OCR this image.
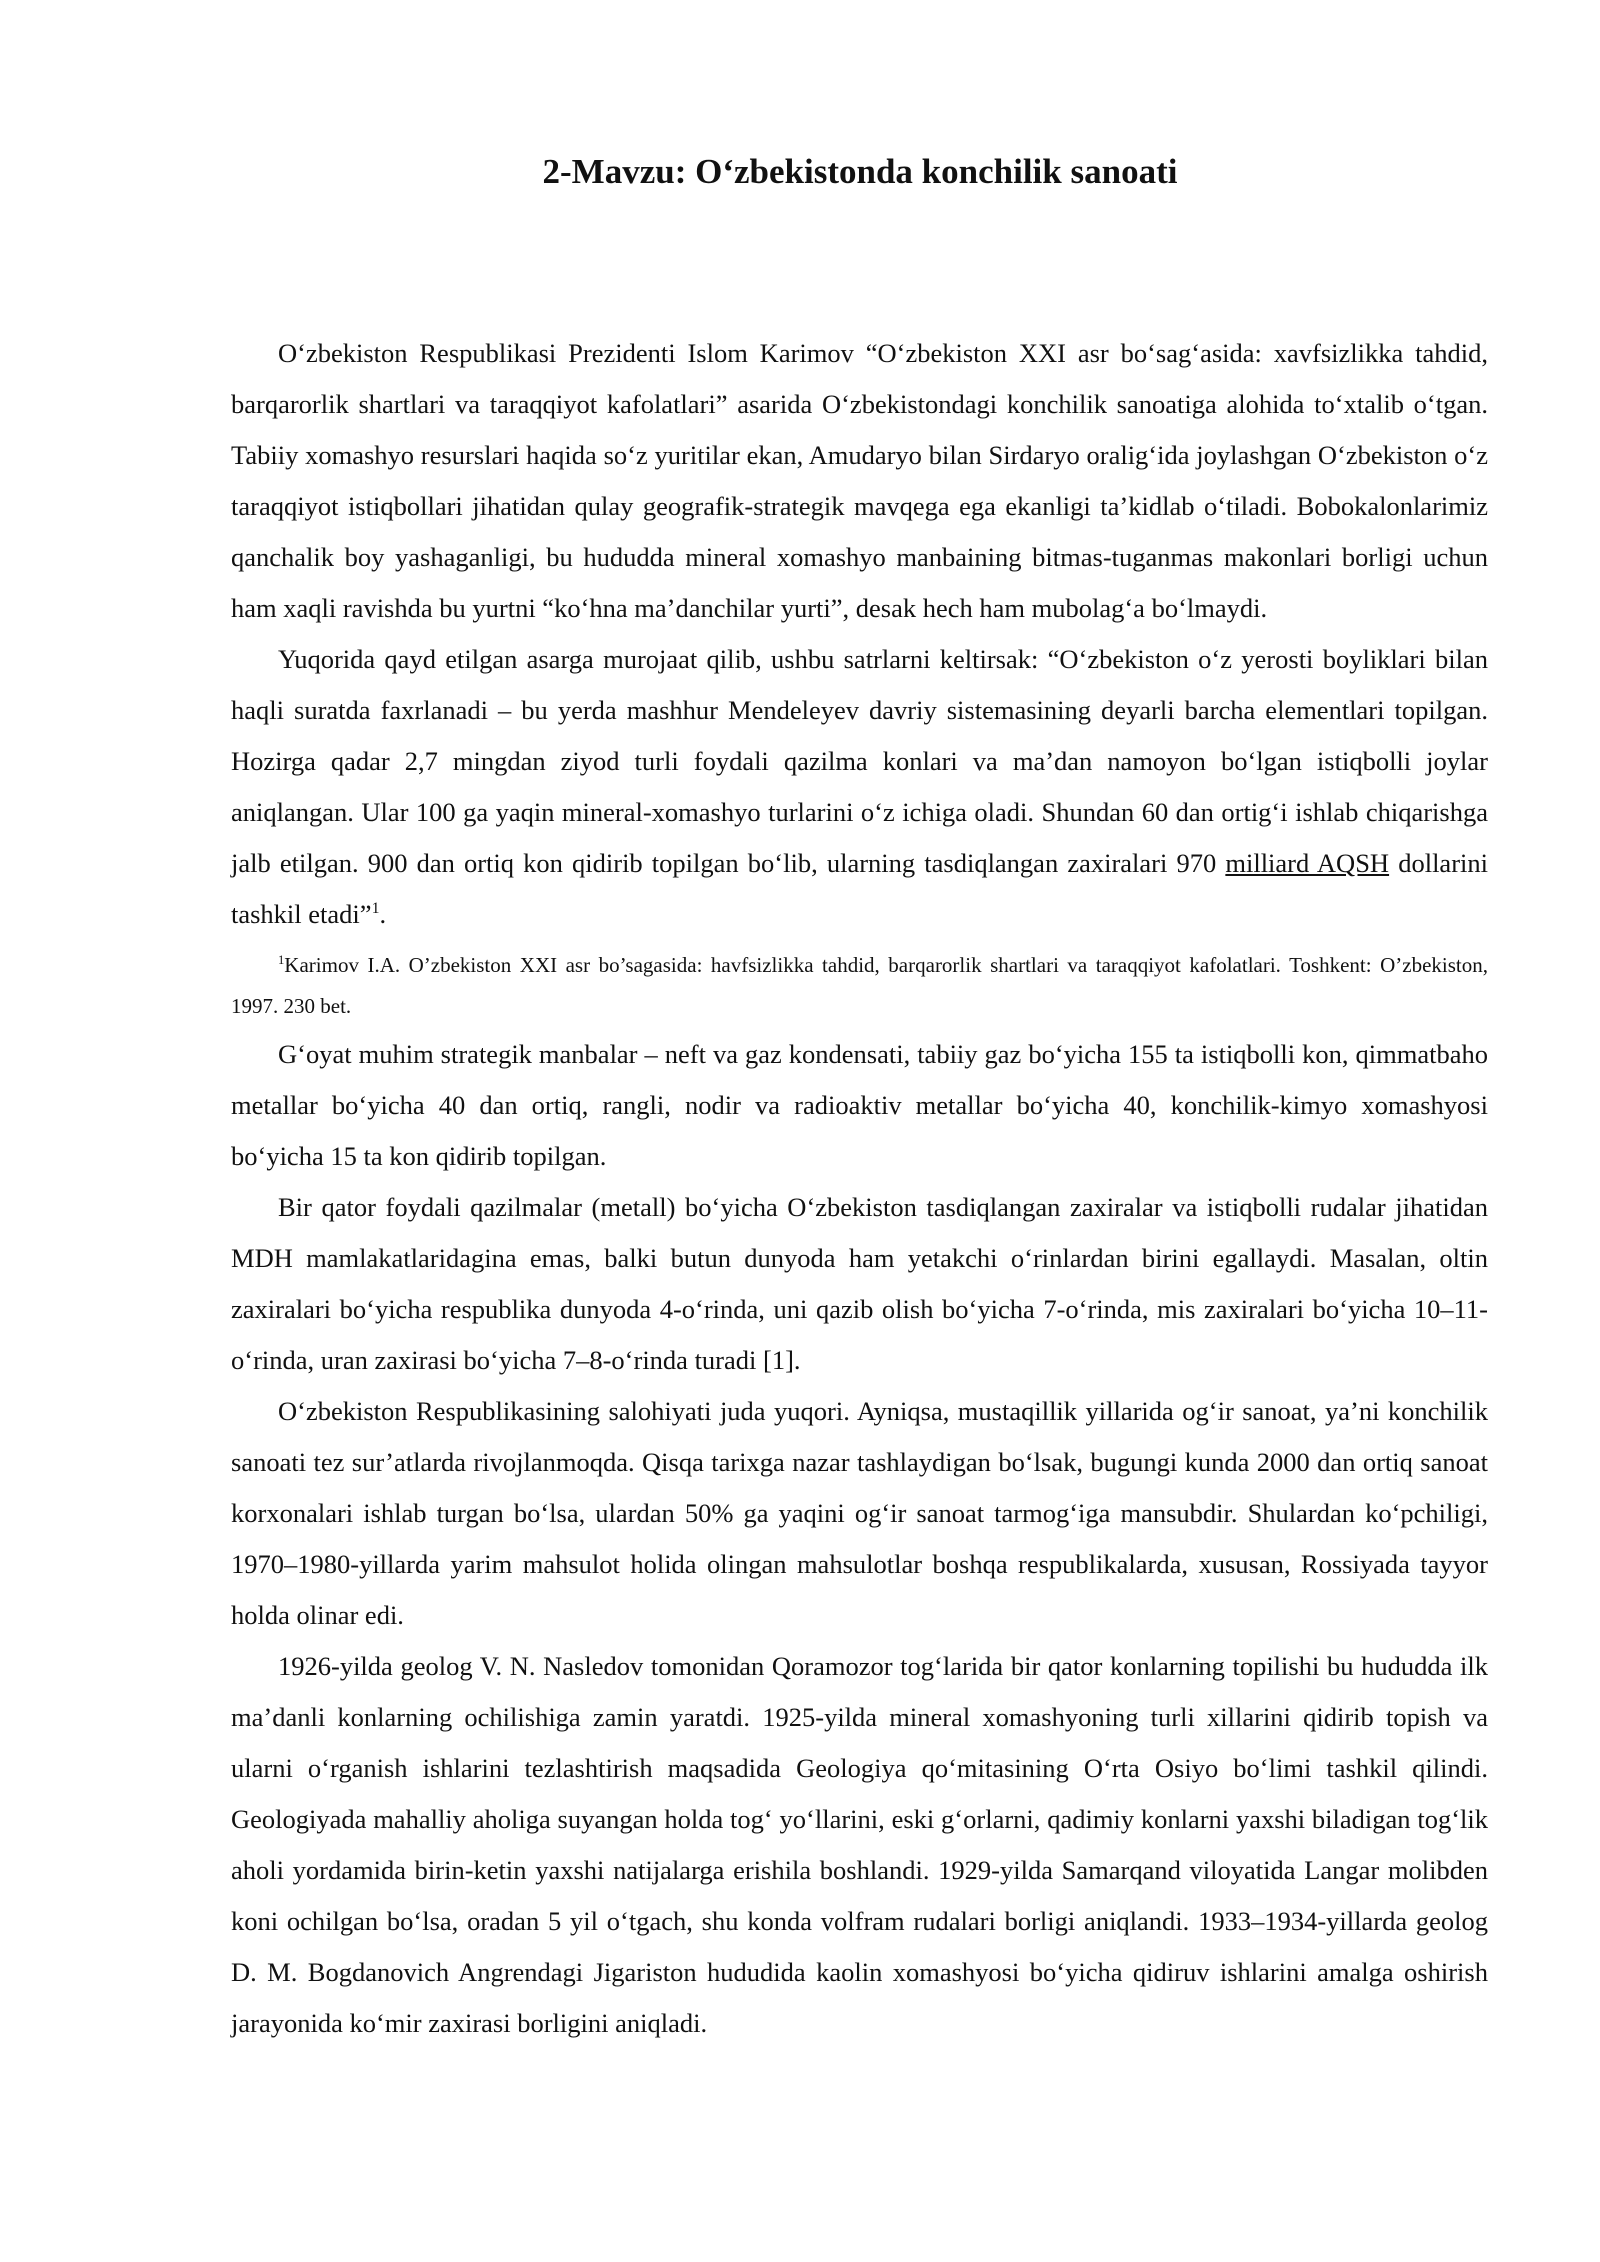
2-Mavzu: O‘zbekistonda konchilik sanoati

O‘zbekiston Respublikasi Prezidenti Islom Karimov “O‘zbekiston XXI asr bo‘sag‘asida: xavfsizlikka tahdid, barqarorlik shartlari va taraqqiyot kafolatlari” asarida O‘zbekistondagi konchilik sanoatiga alohida to‘xtalib o‘tgan. Tabiiy xomashyo resurslari haqida so‘z yuritilar ekan, Amudaryo bilan Sirdaryo oralig‘ida joylashgan O‘zbekiston o‘z taraqqiyot istiqbollari jihatidan qulay geografik-strategik mavqega ega ekanligi ta’kidlab o‘tiladi. Bobokalonlarimiz qanchalik boy yashaganligi, bu hududda mineral xomashyo manbaining bitmas-tuganmas makonlari borligi uchun ham xaqli ravishda bu yurtni “ko‘hna ma’danchilar yurti”, desak hech ham mubolag‘a bo‘lmaydi.

Yuqorida qayd etilgan asarga murojaat qilib, ushbu satrlarni keltirsak: “O‘zbekiston o‘z yerosti boyliklari bilan haqli suratda faxrlanadi – bu yerda mashhur Mendeleyev davriy sistemasining deyarli barcha elementlari topilgan. Hozirga qadar 2,7 mingdan ziyod turli foydali qazilma konlari va ma’dan namoyon bo‘lgan istiqbolli joylar aniqlangan. Ular 100 ga yaqin mineral-xomashyo turlarini o‘z ichiga oladi. Shundan 60 dan ortig‘i ishlab chiqarishga jalb etilgan. 900 dan ortiq kon qidirib topilgan bo‘lib, ularning tasdiqlangan zaxiralari 970 milliard AQSH dollarini tashkil etadi”$^1$.

$^1$Karimov I.A. O’zbekiston XXI asr bo’sagasida: havfsizlikka tahdid, barqarorlik shartlari va taraqqiyot kafolatlari. Toshkent: O’zbekiston, 1997. 230 bet.

G‘oyat muhim strategik manbalar – neft va gaz kondensati, tabiiy gaz bo‘yicha 155 ta istiqbolli kon, qimmatbaho metallar bo‘yicha 40 dan ortiq, rangli, nodir va radioaktiv metallar bo‘yicha 40, konchilik-kimyo xomashyosi bo‘yicha 15 ta kon qidirib topilgan.

Bir qator foydali qazilmalar (metall) bo‘yicha O‘zbekiston tasdiqlangan zaxiralar va istiqbolli rudalar jihatidan MDH mamlakatlaridagina emas, balki butun dunyoda ham yetakchi o‘rinlardan birini egallaydi. Masalan, oltin zaxiralari bo‘yicha respublika dunyoda 4-o‘rinda, uni qazib olish bo‘yicha 7-o‘rinda, mis zaxiralari bo‘yicha 10–11-o‘rinda, uran zaxirasi bo‘yicha 7–8-o‘rinda turadi [1].

O‘zbekiston Respublikasining salohiyati juda yuqori. Ayniqsa, mustaqillik yillarida og‘ir sanoat, ya’ni konchilik sanoati tez sur’atlarda rivojlanmoqda. Qisqa tarixga nazar tashlaydigan bo‘lsak, bugungi kunda 2000 dan ortiq sanoat korxonalari ishlab turgan bo‘lsa, ulardan 50% ga yaqini og‘ir sanoat tarmog‘iga mansubdir. Shulardan ko‘pchiligi, 1970–1980-yillarda yarim mahsulot holida olingan mahsulotlar boshqa respublikalarda, xususan, Rossiyada tayyor holda olinar edi.

1926-yilda geolog V. N. Nasledov tomonidan Qoramozor tog‘larida bir qator konlarning topilishi bu hududda ilk ma’danli konlarning ochilishiga zamin yaratdi. 1925-yilda mineral xomashyoning turli xillarini qidirib topish va ularni o‘rganish ishlarini tezlashtirish maqsadida Geologiya qo‘mitasining O‘rta Osiyo bo‘limi tashkil qilindi. Geologiyada mahalliy aholiga suyangan holda tog‘ yo‘llarini, eski g‘orlarni, qadimiy konlarni yaxshi biladigan tog‘lik aholi yordamida birin-ketin yaxshi natijalarga erishila boshlandi. 1929-yilda Samarqand viloyatida Langar molibden koni ochilgan bo‘lsa, oradan 5 yil o‘tgach, shu konda volfram rudalari borligi aniqlandi. 1933–1934-yillarda geolog D. M. Bogdanovich Angrendagi Jigariston hududida kaolin xomashyosi bo‘yicha qidiruv ishlarini amalga oshirish jarayonida ko‘mir zaxirasi borligini aniqladi.
